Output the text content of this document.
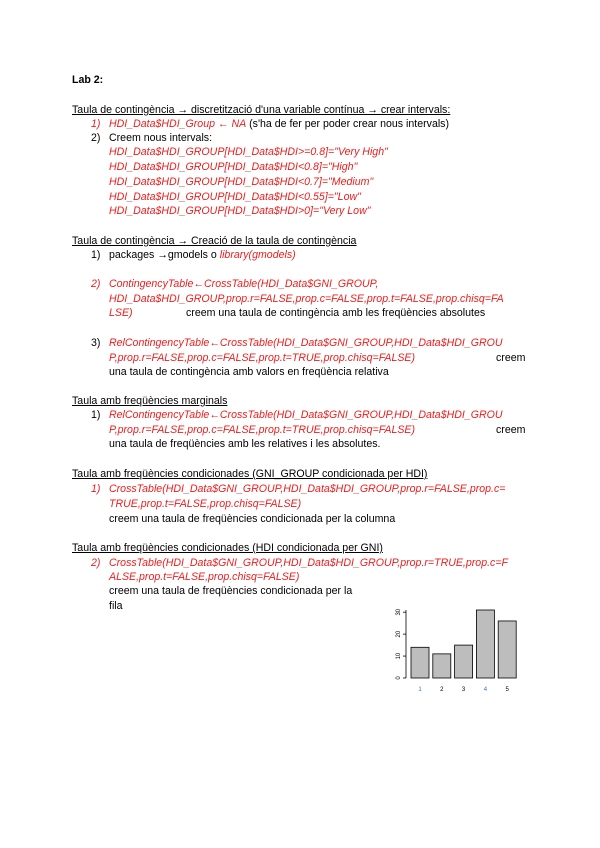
Lab 2:
Taula de contingència → discretització d'una variable contínua → crear intervals:
1) HDI_Data$HDI_Group ← NA (s'ha de fer per poder crear nous intervals)
2) Creem nous intervals:
HDI_Data$HDI_GROUP[HDI_Data$HDI>=0.8]="Very High"
HDI_Data$HDI_GROUP[HDI_Data$HDI<0.8]="High"
HDI_Data$HDI_GROUP[HDI_Data$HDI<0.7]="Medium"
HDI_Data$HDI_GROUP[HDI_Data$HDI<0.55]="Low"
HDI_Data$HDI_GROUP[HDI_Data$HDI>0]="Very Low"
Taula de contingència → Creació de la taula de contingència
1) packages →gmodels o library(gmodels)
2) ContingencyTable←CrossTable(HDI_Data$GNI_GROUP,
HDI_Data$HDI_GROUP,prop.r=FALSE,prop.c=FALSE,prop.t=FALSE,prop.chisq=FA
LSE)	creem una taula de contingència amb les freqüències absolutes
3) RelContingencyTable←CrossTable(HDI_Data$GNI_GROUP,HDI_Data$HDI_GROU
P,prop.r=FALSE,prop.c=FALSE,prop.t=TRUE,prop.chisq=FALSE)	creem
una taula de contingència amb valors en freqüència relativa
Taula amb freqüències marginals
1) RelContingencyTable←CrossTable(HDI_Data$GNI_GROUP,HDI_Data$HDI_GROU
P,prop.r=FALSE,prop.c=FALSE,prop.t=TRUE,prop.chisq=FALSE)	creem
una taula de freqüències amb les relatives i les absolutes.
Taula amb freqüències condicionades (GNI_GROUP condicionada per HDI)
1) CrossTable(HDI_Data$GNI_GROUP,HDI_Data$HDI_GROUP,prop.r=FALSE,prop.c=
TRUE,prop.t=FALSE,prop.chisq=FALSE)
creem una taula de freqüències condicionada per la columna
Taula amb freqüències condicionades (HDI condicionada per GNI)
2) CrossTable(HDI_Data$GNI_GROUP,HDI_Data$HDI_GROUP,prop.r=TRUE,prop.c=F
ALSE,prop.t=FALSE,prop.chisq=FALSE)
creem una taula de freqüències condicionada per la
fila
0
10
20
30
1	2	3	4	5
